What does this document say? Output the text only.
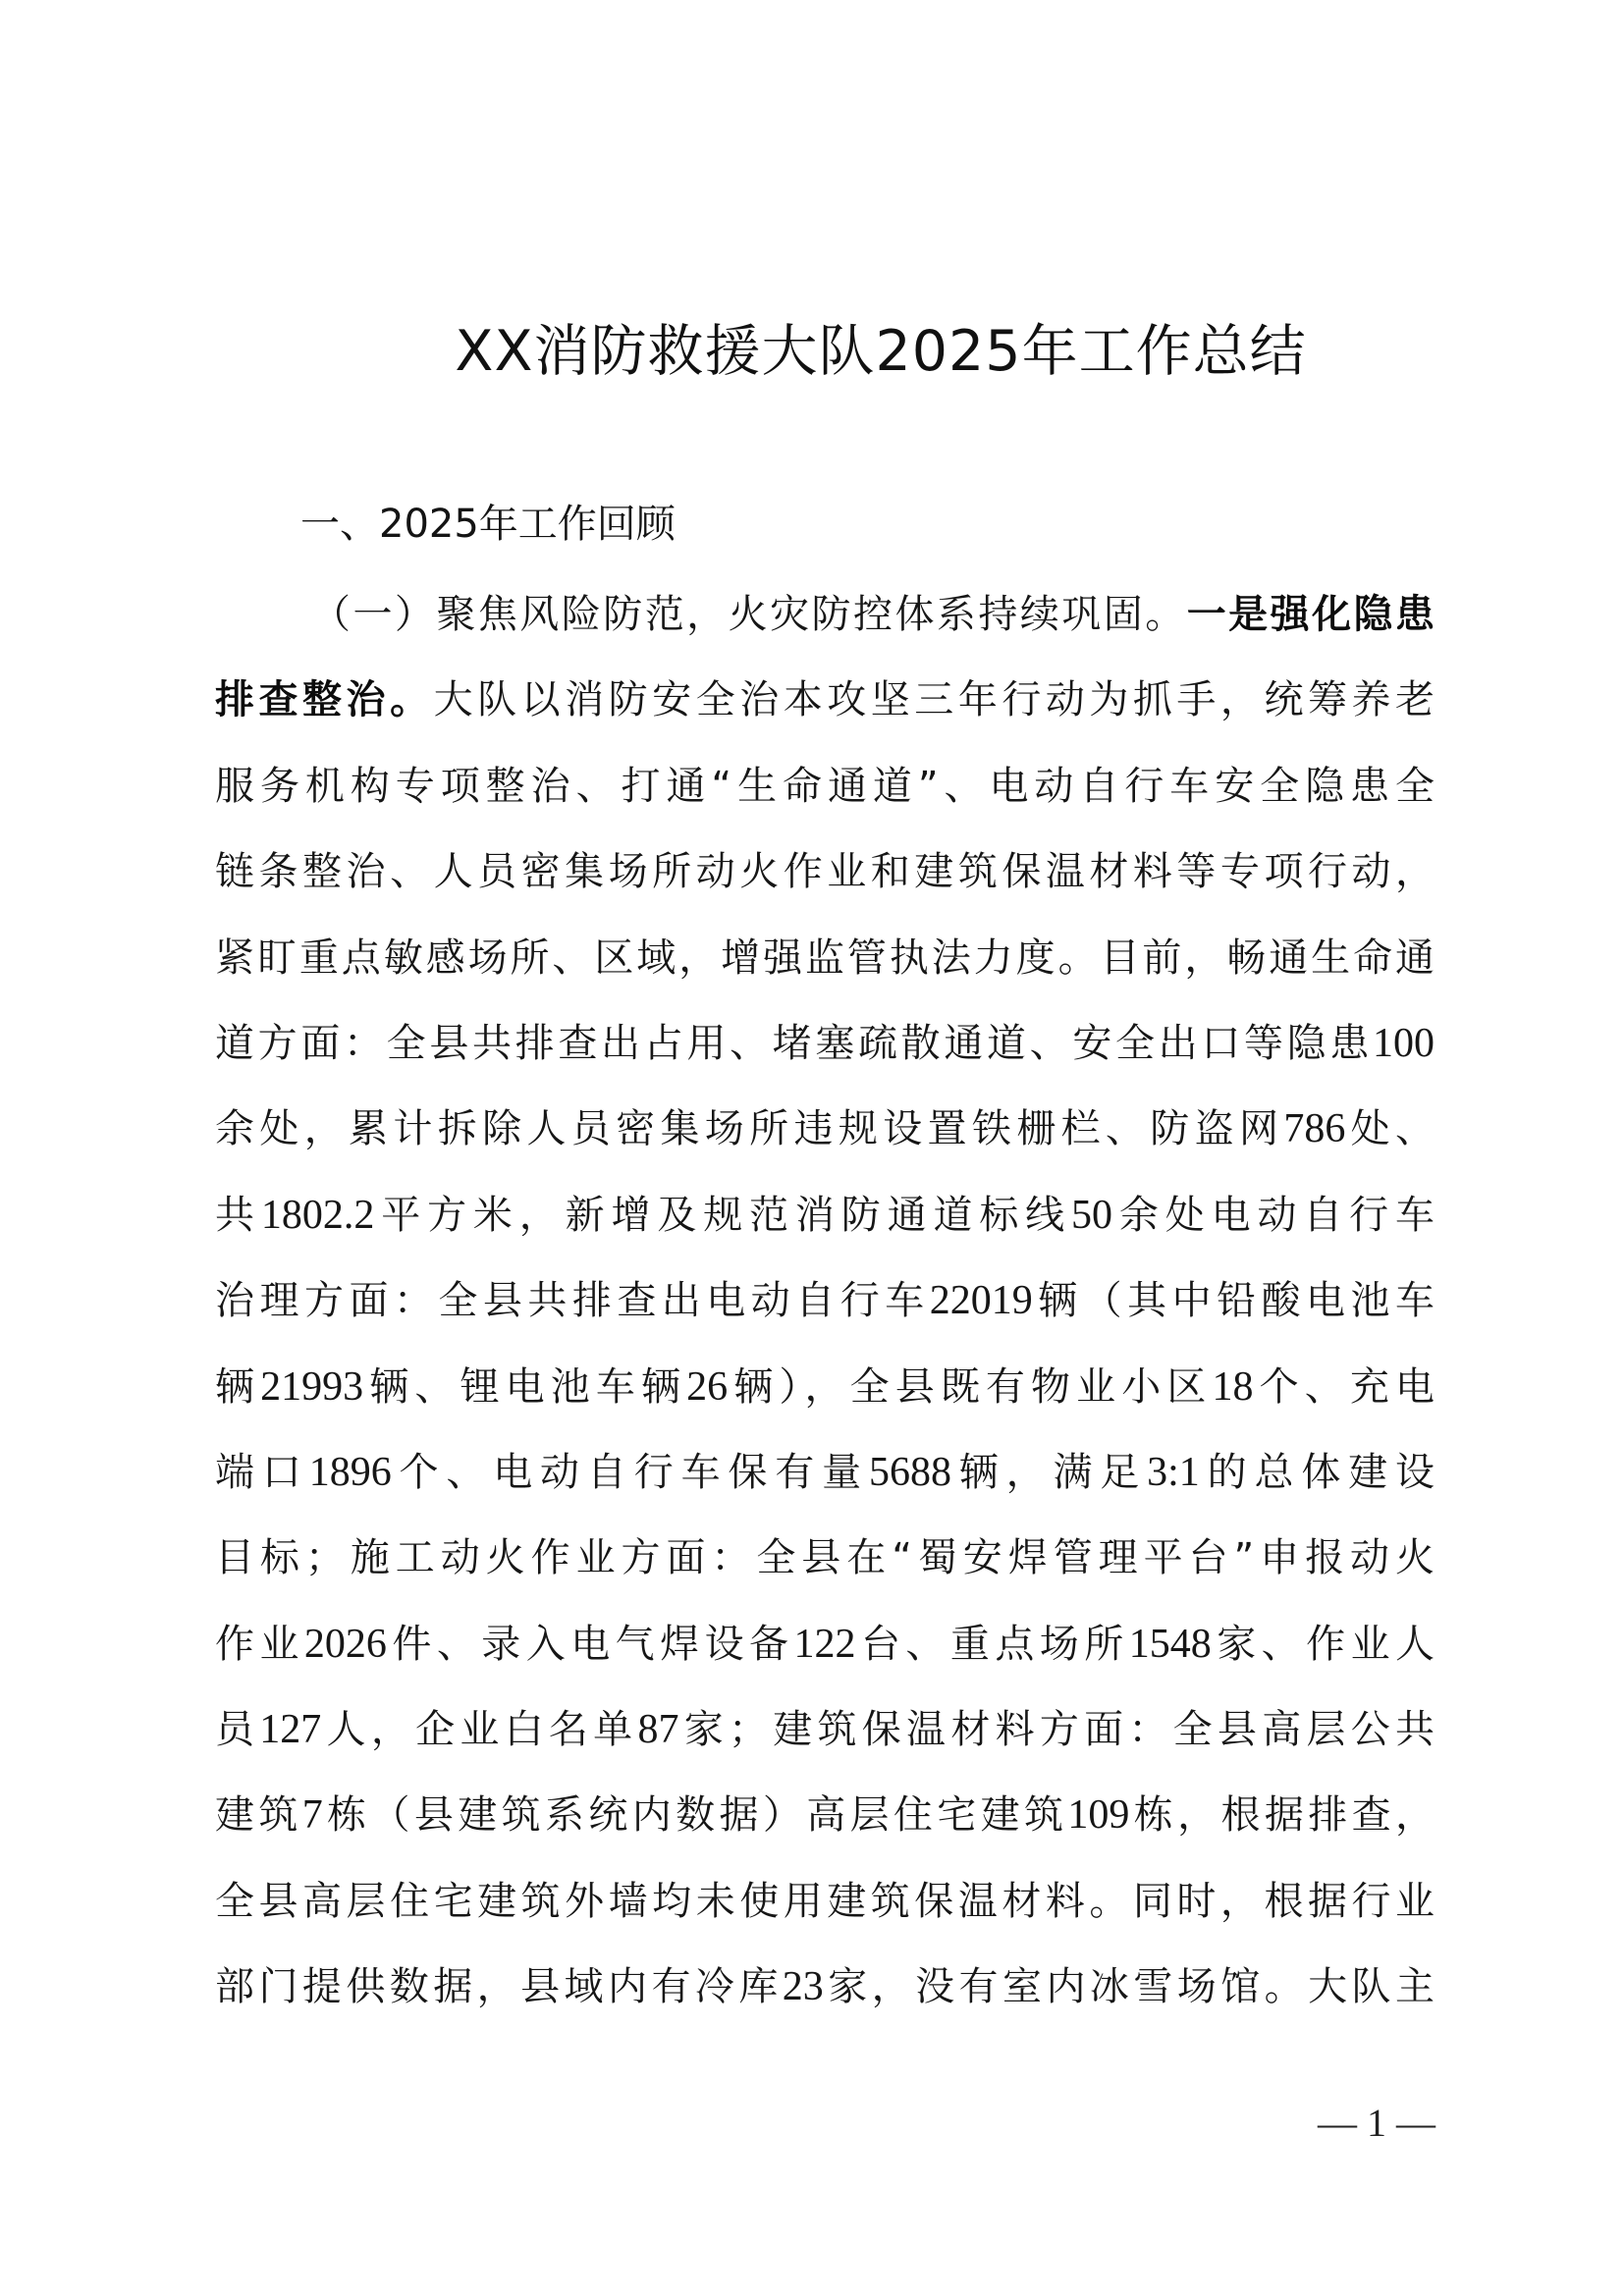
XX消防救援大队2025年工作总结
一、2025年工作回顾
（一）聚焦风险防范，火灾防控体系持续巩固。一是强化隐患
排查整治。大队以消防安全治本攻坚三年行动为抓手，统筹养老
服务机构专项整治、打通“生命通道”、电动自行车安全隐患全
链条整治、人员密集场所动火作业和建筑保温材料等专项行动，
紧盯重点敏感场所、区域，增强监管执法力度。目前，畅通生命通
道方面：全县共排查出占用、堵塞疏散通道、安全出口等隐患100
余处，累计拆除人员密集场所违规设置铁栅栏、防盗网786处、
共1802.2平方米，新增及规范消防通道标线50余处电动自行车
治理方面：全县共排查出电动自行车22019辆（其中铅酸电池车
辆21993辆、锂电池车辆26辆），全县既有物业小区18个、充电
端口1896个、电动自行车保有量5688辆，满足3:1的总体建设
目标；施工动火作业方面：全县在“蜀安焊管理平台”申报动火
作业2026件、录入电气焊设备122台、重点场所1548家、作业人
员127人，企业白名单87家；建筑保温材料方面：全县高层公共
建筑7栋（县建筑系统内数据）高层住宅建筑109栋，根据排查，
全县高层住宅建筑外墙均未使用建筑保温材料。同时，根据行业
部门提供数据，县域内有冷库23家，没有室内冰雪场馆。大队主
— 1 —
